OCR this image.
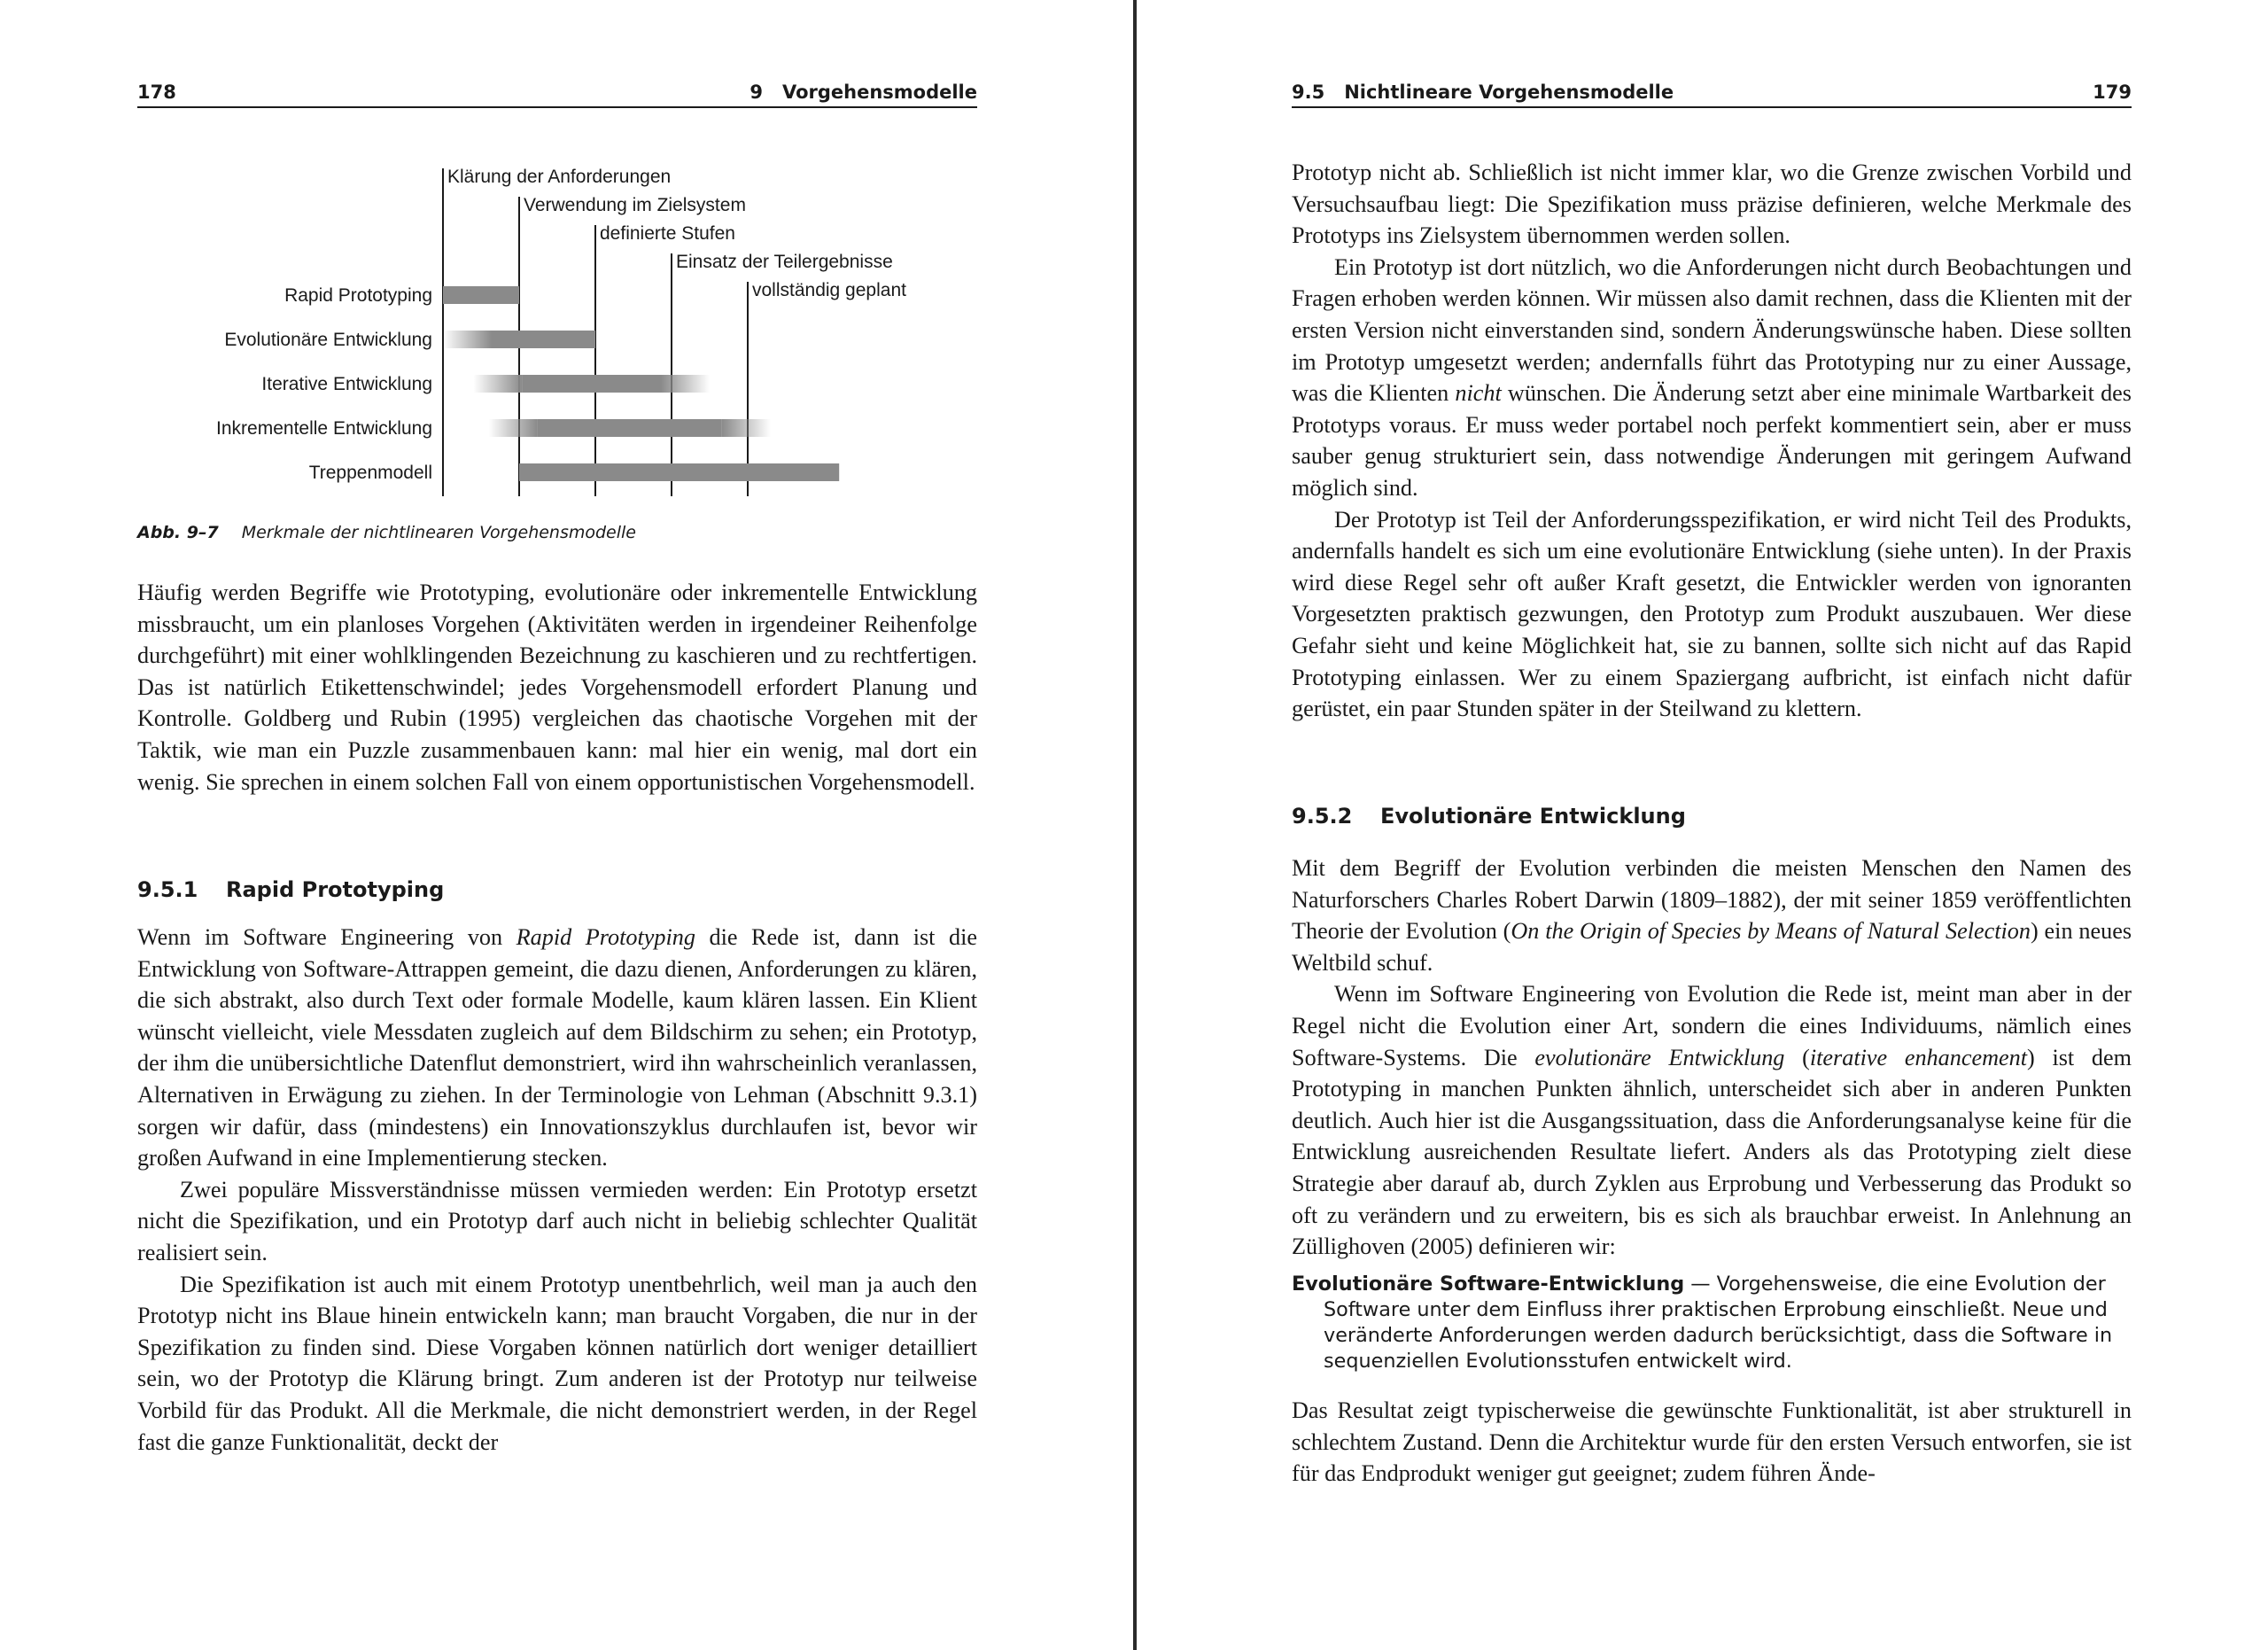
178	9 Vorgehensmodelle
Klärung der Anforderungen
Verwendung im Zielsystem
definierte Stufen
Einsatz der Teilergebnisse
vollständig geplant
Rapid Prototyping
Evolutionäre Entwicklung
Iterative Entwicklung
Inkrementelle Entwicklung
Treppenmodell
Abb. 9–7 Merkmale der nichtlinearen Vorgehensmodelle

Häufig werden Begriffe wie Prototyping, evolutionäre oder inkrementelle Entwicklung missbraucht, um ein planloses Vorgehen (Aktivitäten werden in irgendeiner Reihenfolge durchgeführt) mit einer wohlklingenden Bezeichnung zu kaschieren und zu rechtfertigen. Das ist natürlich Etikettenschwindel; jedes Vorgehensmodell erfordert Planung und Kontrolle. Goldberg und Rubin (1995) vergleichen das chaotische Vorgehen mit der Taktik, wie man ein Puzzle zusammenbauen kann: mal hier ein wenig, mal dort ein wenig. Sie sprechen in einem solchen Fall von einem opportunistischen Vorgehensmodell.

9.5.1 Rapid Prototyping

Wenn im Software Engineering von Rapid Prototyping die Rede ist, dann ist die Entwicklung von Software-Attrappen gemeint, die dazu dienen, Anforderungen zu klären, die sich abstrakt, also durch Text oder formale Modelle, kaum klären lassen. Ein Klient wünscht vielleicht, viele Messdaten zugleich auf dem Bildschirm zu sehen; ein Prototyp, der ihm die unübersichtliche Datenflut demonstriert, wird ihn wahrscheinlich veranlassen, Alternativen in Erwägung zu ziehen. In der Terminologie von Lehman (Abschnitt 9.3.1) sorgen wir dafür, dass (mindestens) ein Innovationszyklus durchlaufen ist, bevor wir großen Aufwand in eine Implementierung stecken.

Zwei populäre Missverständnisse müssen vermieden werden: Ein Prototyp ersetzt nicht die Spezifikation, und ein Prototyp darf auch nicht in beliebig schlechter Qualität realisiert sein.

Die Spezifikation ist auch mit einem Prototyp unentbehrlich, weil man ja auch den Prototyp nicht ins Blaue hinein entwickeln kann; man braucht Vorgaben, die nur in der Spezifikation zu finden sind. Diese Vorgaben können natürlich dort weniger detailliert sein, wo der Prototyp die Klärung bringt. Zum anderen ist der Prototyp nur teilweise Vorbild für das Produkt. All die Merkmale, die nicht demonstriert werden, in der Regel fast die ganze Funktionalität, deckt der

9.5 Nichtlineare Vorgehensmodelle	179

Prototyp nicht ab. Schließlich ist nicht immer klar, wo die Grenze zwischen Vorbild und Versuchsaufbau liegt: Die Spezifikation muss präzise definieren, welche Merkmale des Prototyps ins Zielsystem übernommen werden sollen.

Ein Prototyp ist dort nützlich, wo die Anforderungen nicht durch Beobachtungen und Fragen erhoben werden können. Wir müssen also damit rechnen, dass die Klienten mit der ersten Version nicht einverstanden sind, sondern Änderungswünsche haben. Diese sollten im Prototyp umgesetzt werden; andernfalls führt das Prototyping nur zu einer Aussage, was die Klienten nicht wünschen. Die Änderung setzt aber eine minimale Wartbarkeit des Prototyps voraus. Er muss weder portabel noch perfekt kommentiert sein, aber er muss sauber genug strukturiert sein, dass notwendige Änderungen mit geringem Aufwand möglich sind.

Der Prototyp ist Teil der Anforderungsspezifikation, er wird nicht Teil des Produkts, andernfalls handelt es sich um eine evolutionäre Entwicklung (siehe unten). In der Praxis wird diese Regel sehr oft außer Kraft gesetzt, die Entwickler werden von ignoranten Vorgesetzten praktisch gezwungen, den Prototyp zum Produkt auszubauen. Wer diese Gefahr sieht und keine Möglichkeit hat, sie zu bannen, sollte sich nicht auf das Rapid Prototyping einlassen. Wer zu einem Spaziergang aufbricht, ist einfach nicht dafür gerüstet, ein paar Stunden später in der Steilwand zu klettern.

9.5.2 Evolutionäre Entwicklung

Mit dem Begriff der Evolution verbinden die meisten Menschen den Namen des Naturforschers Charles Robert Darwin (1809–1882), der mit seiner 1859 veröffentlichten Theorie der Evolution (On the Origin of Species by Means of Natural Selection) ein neues Weltbild schuf.

Wenn im Software Engineering von Evolution die Rede ist, meint man aber in der Regel nicht die Evolution einer Art, sondern die eines Individuums, nämlich eines Software-Systems. Die evolutionäre Entwicklung (iterative enhancement) ist dem Prototyping in manchen Punkten ähnlich, unterscheidet sich aber in anderen Punkten deutlich. Auch hier ist die Ausgangssituation, dass die Anforderungsanalyse keine für die Entwicklung ausreichenden Resultate liefert. Anders als das Prototyping zielt diese Strategie aber darauf ab, durch Zyklen aus Erprobung und Verbesserung das Produkt so oft zu verändern und zu erweitern, bis es sich als brauchbar erweist. In Anlehnung an Züllighoven (2005) definieren wir:

Evolutionäre Software-Entwicklung — Vorgehensweise, die eine Evolution der Software unter dem Einfluss ihrer praktischen Erprobung einschließt. Neue und veränderte Anforderungen werden dadurch berücksichtigt, dass die Software in sequenziellen Evolutionsstufen entwickelt wird.

Das Resultat zeigt typischerweise die gewünschte Funktionalität, ist aber strukturell in schlechtem Zustand. Denn die Architektur wurde für den ersten Versuch entworfen, sie ist für das Endprodukt weniger gut geeignet; zudem führen Ände-
